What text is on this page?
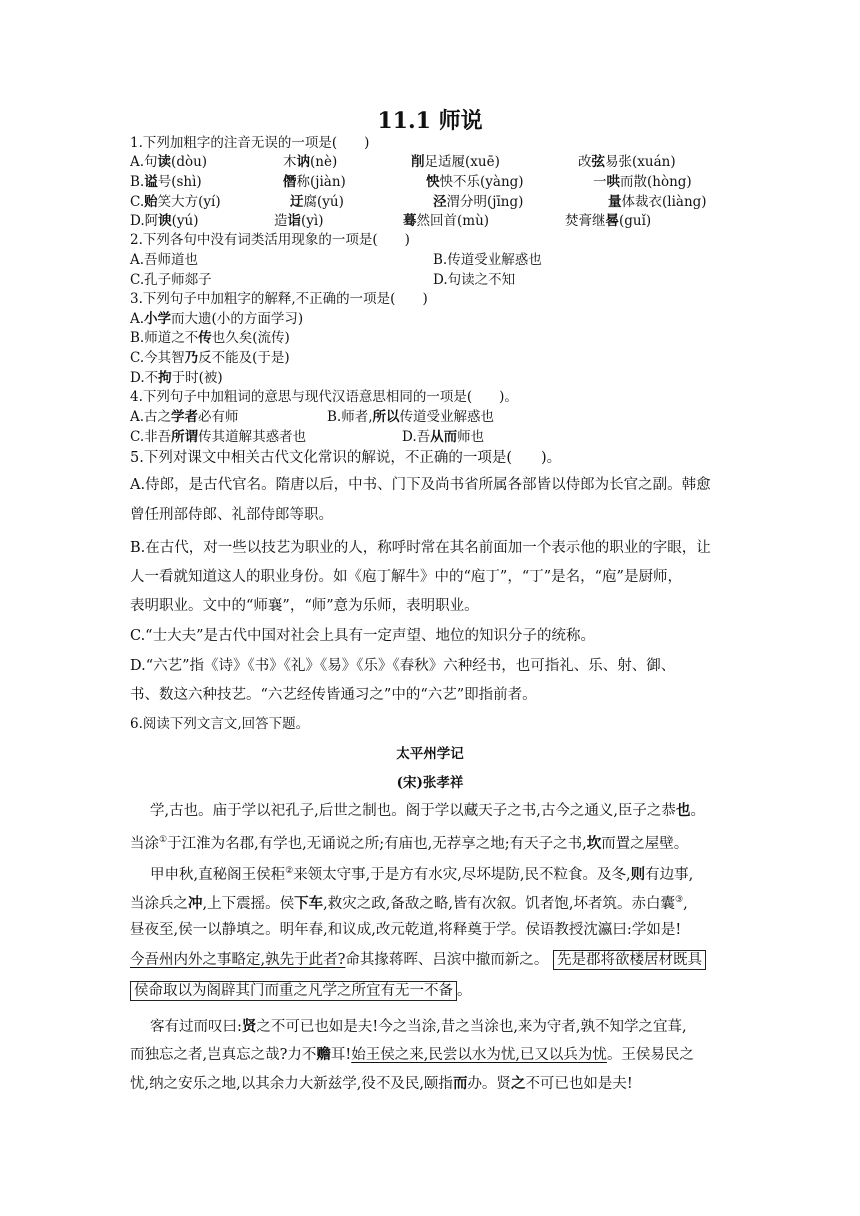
11.1 师说
1.下列加粗字的注音无误的一项是(　　)
A.句读(dòu)	木讷(nè)	削足适履(xuē)	改弦易张(xuán)
B.谥号(shì)	僭称(jiàn)	怏怏不乐(yàng)	一哄而散(hòng)
C.贻笑大方(yí)	迂腐(yú)	泾渭分明(jīng)	量体裁衣(liàng)
D.阿谀(yú)	造诣(yì)	蓦然回首(mù)	焚膏继晷(guǐ)
2.下列各句中没有词类活用现象的一项是(　　)
A.吾师道也	B.传道受业解惑也
C.孔子师郯子	D.句读之不知
3.下列句子中加粗字的解释,不正确的一项是(　　)
A.小学而大遗(小的方面学习)
B.师道之不传也久矣(流传)
C.今其智乃反不能及(于是)
D.不拘于时(被)
4.下列句子中加粗词的意思与现代汉语意思相同的一项是(　　)。
A.古之学者必有师	B.师者,所以传道受业解惑也
C.非吾所谓传其道解其惑者也	D.吾从而师也
5.下列对课文中相关古代文化常识的解说，不正确的一项是(　　)。
A.侍郎，是古代官名。隋唐以后，中书、门下及尚书省所属各部皆以侍郎为长官之副。韩愈
曾任刑部侍郎、礼部侍郎等职。
B.在古代，对一些以技艺为职业的人，称呼时常在其名前面加一个表示他的职业的字眼，让
人一看就知道这人的职业身份。如《庖丁解牛》中的“庖丁”，“丁”是名，“庖”是厨师，
表明职业。文中的“师襄”，“师”意为乐师，表明职业。
C.“士大夫”是古代中国对社会上具有一定声望、地位的知识分子的统称。
D.“六艺”指《诗》《书》《礼》《易》《乐》《春秋》六种经书，也可指礼、乐、射、御、
书、数这六种技艺。“六艺经传皆通习之”中的“六艺”即指前者。
6.阅读下列文言文,回答下题。
太平州学记
(宋)张孝祥
学,古也。庙于学以祀孔子,后世之制也。阁于学以藏天子之书,古今之通义,臣子之恭也。
当涂①于江淮为名郡,有学也,无诵说之所;有庙也,无荐享之地;有天子之书,坎而置之屋壁。
甲申秋,直秘阁王侯秬②来领太守事,于是方有水灾,尽坏堤防,民不粒食。及冬,则有边事,
当涂兵之冲,上下震摇。侯下车,救灾之政,备敌之略,皆有次叙。饥者饱,坏者筑。赤白囊③,
昼夜至,侯一以静填之。明年春,和议成,改元乾道,将释奠于学。侯语教授沈瀛曰:学如是!
今吾州内外之事略定,孰先于此者?命其掾蒋晖、吕滨中撤而新之。 先是郡将欲楼居材既具
侯命取以为阁辟其门而重之凡学之所宜有无一不备 。
客有过而叹曰:贤之不可已也如是夫!今之当涂,昔之当涂也,来为守者,孰不知学之宜葺,
而独忘之者,岂真忘之哉?力不赡耳!始王侯之来,民尝以水为忧,已又以兵为忧。王侯易民之
忧,纳之安乐之地,以其余力大新兹学,役不及民,颐指而办。贤之不可已也如是夫!
